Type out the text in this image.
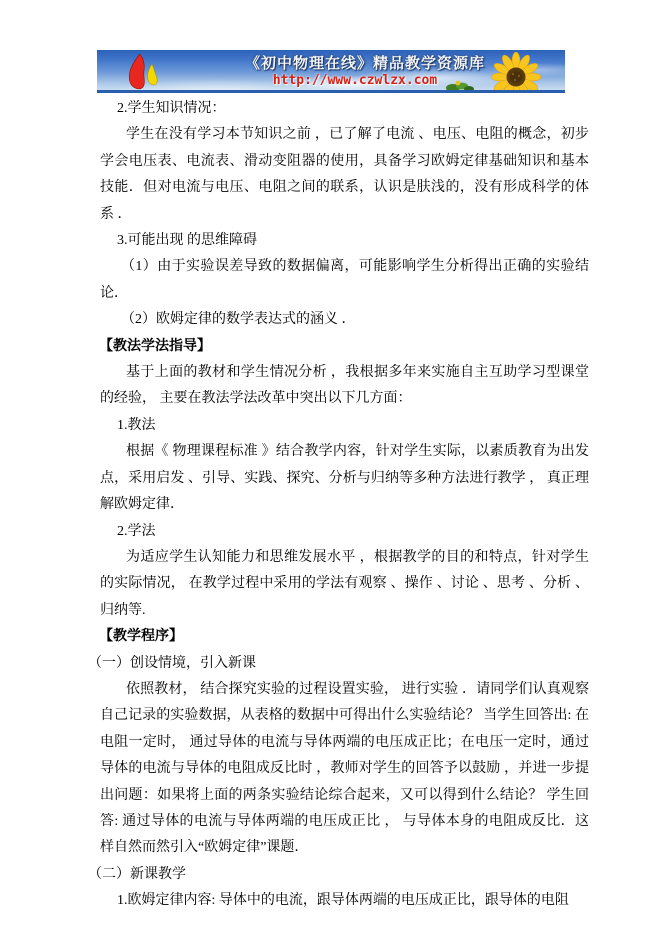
《初中物理在线》精品教学资源库
http://www.czwlzx.com

2.学生知识情况：

学生在没有学习本节知识之前 ，已了解了电流 、电压、电阻的概念，初步学会电压表、电流表、滑动变阻器的使用，具备学习欧姆定律基础知识和基本技能．但对电流与电压、电阻之间的联系，认识是肤浅的，没有形成科学的体系 ．

3.可能出现 的思维障碍

（1）由于实验误差导致的数据偏离，可能影响学生分析得出正确的实验结论．

（2）欧姆定律的数学表达式的涵义 ．

【教法学法指导】

基于上面的教材和学生情况分析 ，我根据多年来实施自主互助学习型课堂的经验， 主要在教法学法改革中突出以下几方面：

1.教法

根据《 物理课程标准 》结合教学内容，针对学生实际，以素质教育为出发点，采用启发 、引导、实践、探究、分析与归纳等多种方法进行教学 ， 真正理解欧姆定律．

2.学法

为适应学生认知能力和思维发展水平 ，根据教学的目的和特点，针对学生的实际情况， 在教学过程中采用的学法有观察 、操作 、讨论 、思考 、分析 、归纳等.

【教学程序】

（一）创设情境，引入新课

依照教材， 结合探究实验的过程设置实验， 进行实验 ．请同学们认真观察自己记录的实验数据，从表格的数据中可得出什么实验结论？ 当学生回答出: 在电阻一定时， 通过导体的电流与导体两端的电压成正比；在电压一定时，通过导体的电流与导体的电阻成反比时 ，教师对学生的回答予以鼓励 ，并进一步提出问题：如果将上面的两条实验结论综合起来，又可以得到什么结论？ 学生回答: 通过导体的电流与导体两端的电压成正比 ， 与导体本身的电阻成反比．这样自然而然引入“欧姆定律”课题．

（二）新课教学

1.欧姆定律内容: 导体中的电流，跟导体两端的电压成正比，跟导体的电阻
